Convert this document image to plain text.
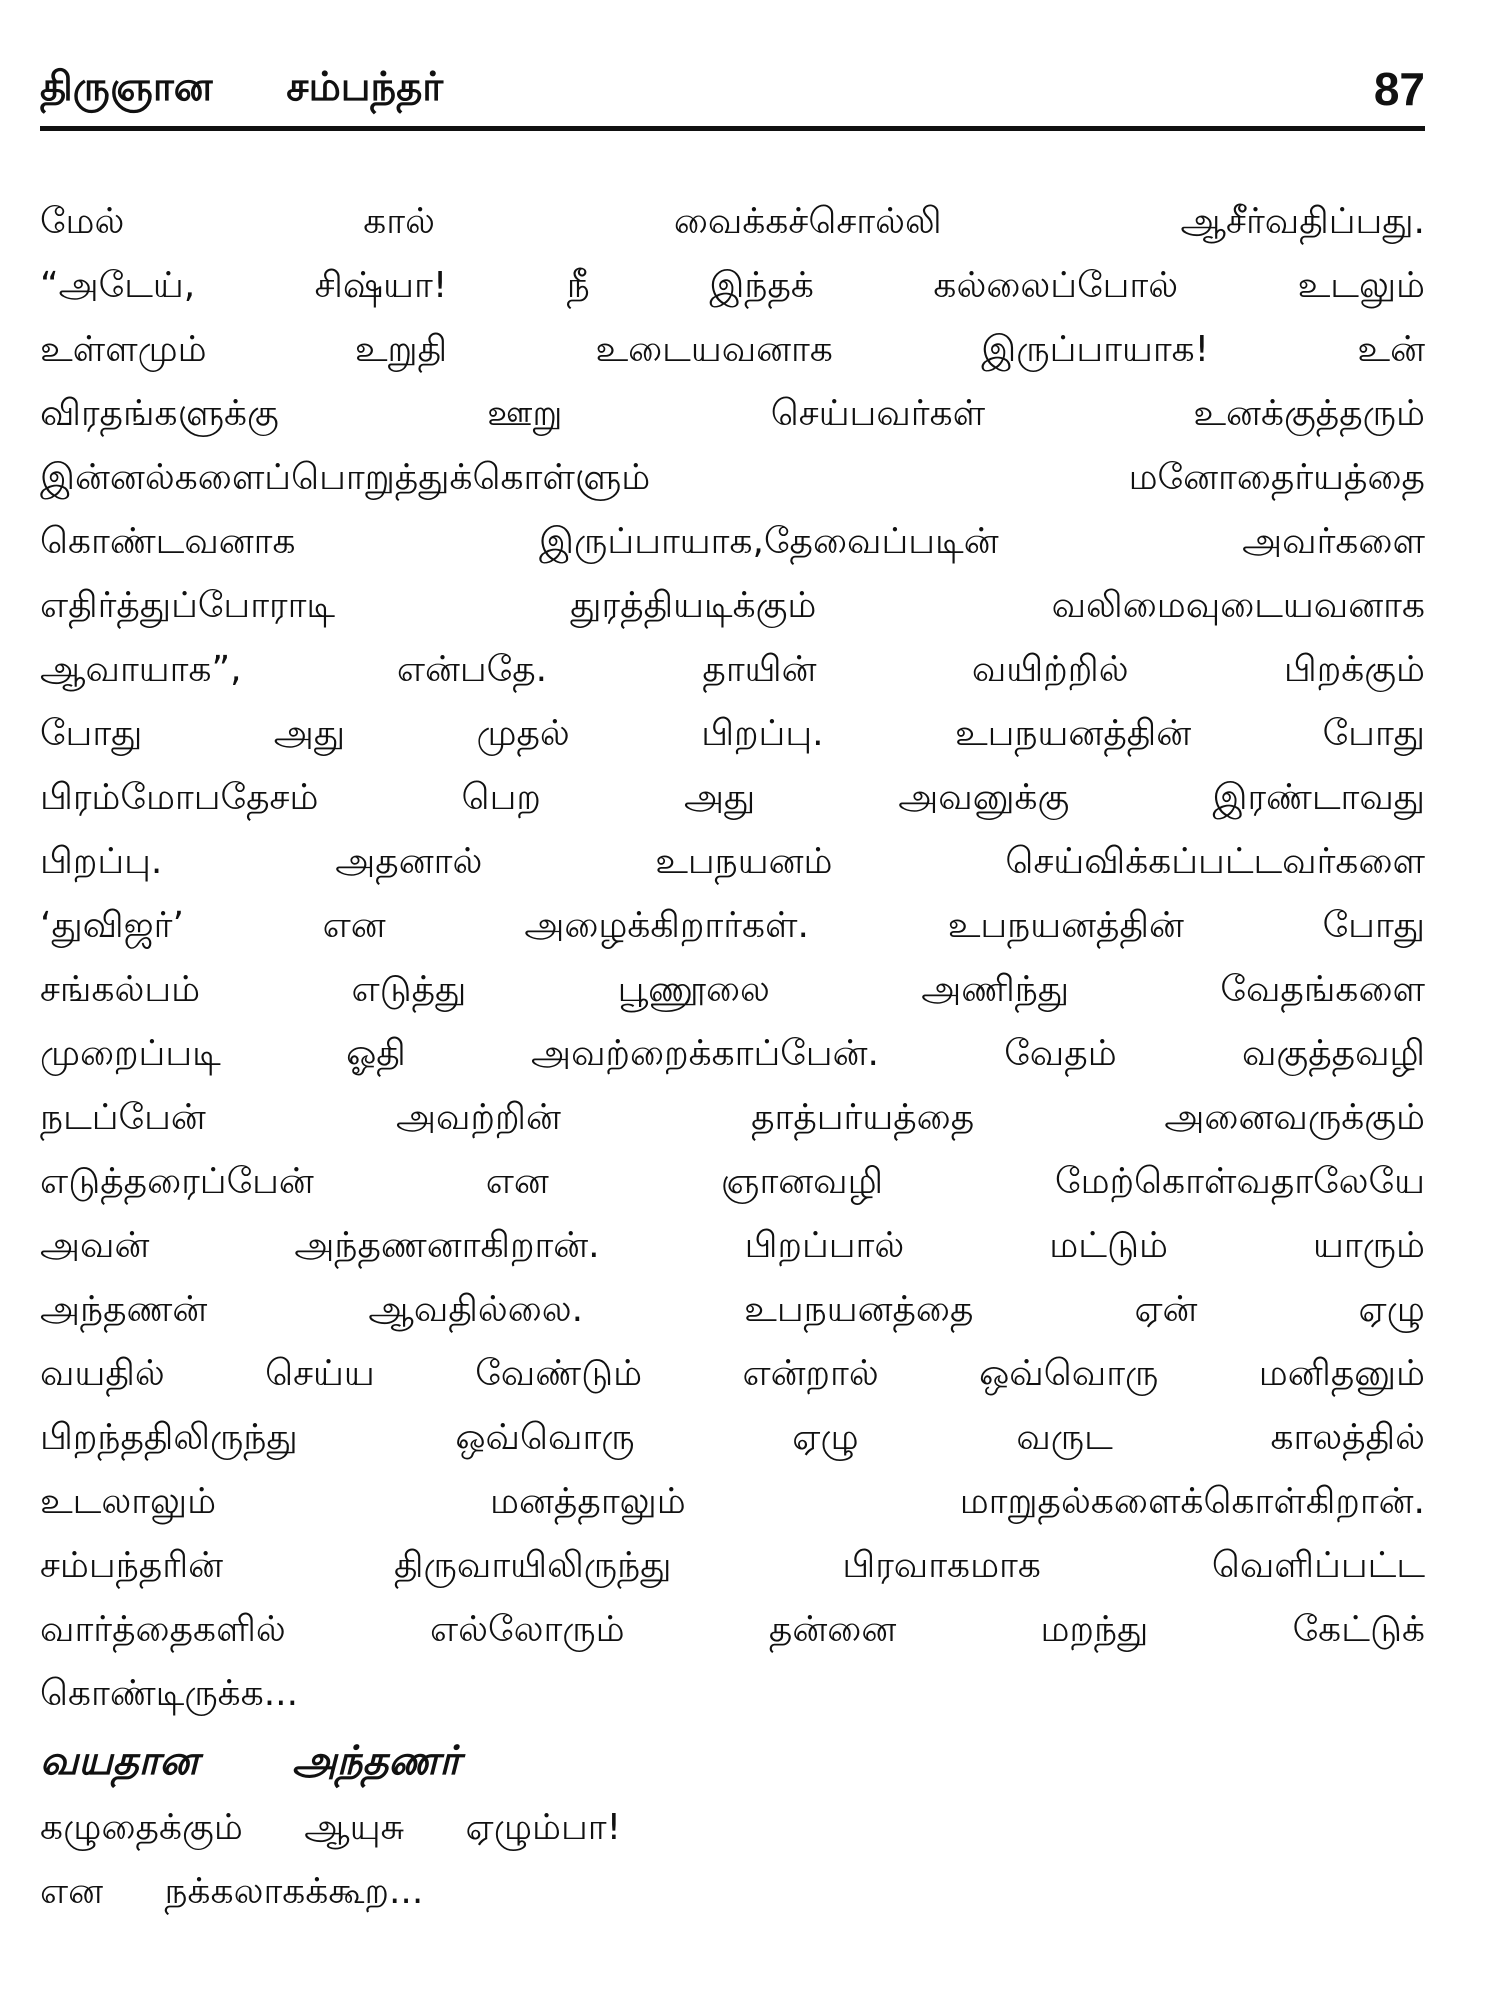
திருஞான சம்பந்தர்	87
மேல் கால் வைக்கச்சொல்லி ஆசீர்வதிப்பது.
“அடேய், சிஷ்யா! நீ இந்தக் கல்லைப்போல் உடலும்
உள்ளமும் உறுதி உடையவனாக இருப்பாயாக! உன்
விரதங்களுக்கு ஊறு செய்பவர்கள் உனக்குத்தரும்
இன்னல்களைப்பொறுத்துக்கொள்ளும் மனோதைர்யத்தை
கொண்டவனாக இருப்பாயாக,தேவைப்படின் அவர்களை
எதிர்த்துப்போராடி துரத்தியடிக்கும் வலிமைவுடையவனாக
ஆவாயாக”, என்பதே. தாயின் வயிற்றில் பிறக்கும்
போது அது முதல் பிறப்பு. உபநயனத்தின் போது
பிரம்மோபதேசம் பெற அது அவனுக்கு இரண்டாவது
பிறப்பு. அதனால் உபநயனம் செய்விக்கப்பட்டவர்களை
‘துவிஜர்’ என அழைக்கிறார்கள். உபநயனத்தின் போது
சங்கல்பம் எடுத்து பூணூலை அணிந்து வேதங்களை
முறைப்படி ஓதி அவற்றைக்காப்பேன். வேதம் வகுத்தவழி
நடப்பேன் அவற்றின் தாத்பர்யத்தை அனைவருக்கும்
எடுத்தரைப்பேன் என ஞானவழி மேற்கொள்வதாலேயே
அவன் அந்தணனாகிறான். பிறப்பால் மட்டும் யாரும்
அந்தணன் ஆவதில்லை. உபநயனத்தை ஏன் ஏழு
வயதில் செய்ய வேண்டும் என்றால் ஒவ்வொரு மனிதனும்
பிறந்ததிலிருந்து ஒவ்வொரு ஏழு வருட காலத்தில்
உடலாலும் மனத்தாலும் மாறுதல்களைக்கொள்கிறான்.
சம்பந்தரின் திருவாயிலிருந்து பிரவாகமாக வெளிப்பட்ட
வார்த்தைகளில் எல்லோரும் தன்னை மறந்து கேட்டுக்
கொண்டிருக்க...
வயதான அந்தணர்
கழுதைக்கும் ஆயுசு ஏழும்பா!
என நக்கலாகக்கூற...
